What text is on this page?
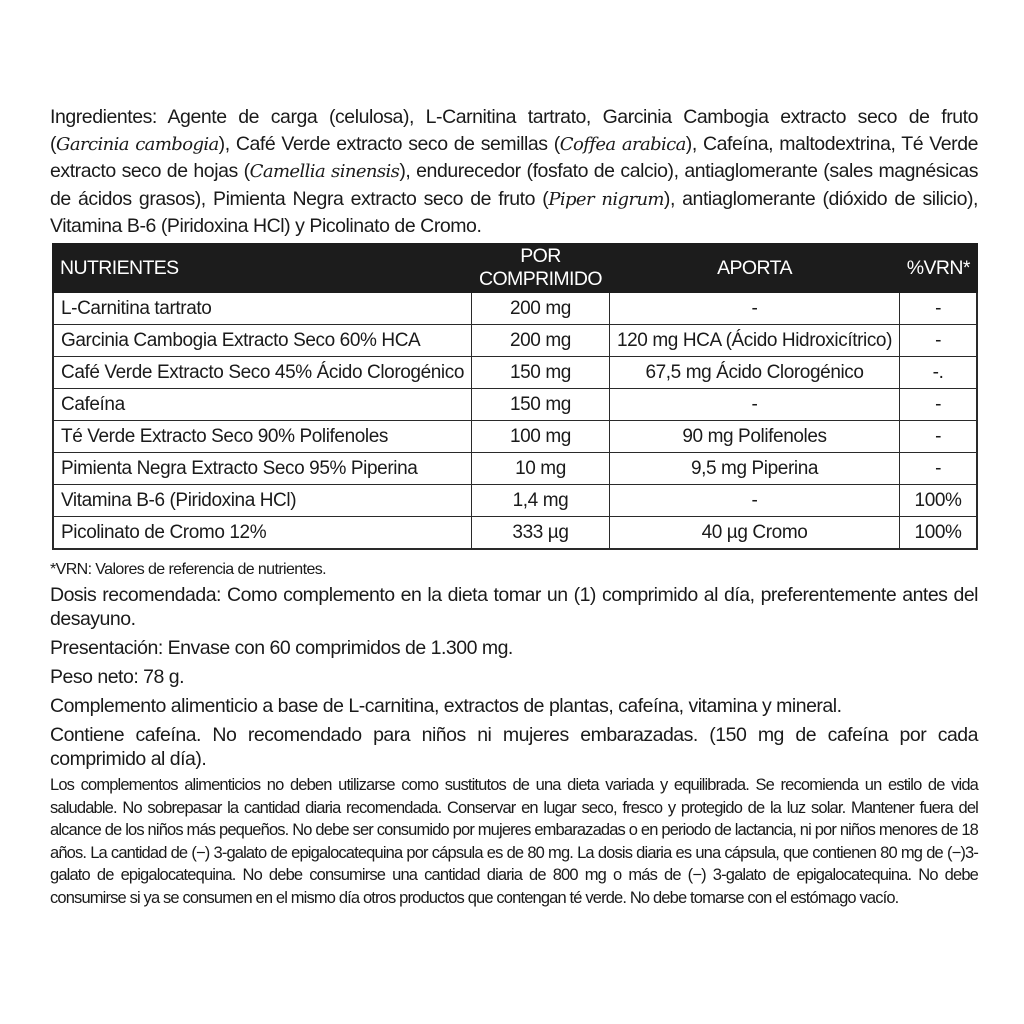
Ingredientes: Agente de carga (celulosa), L-Carnitina tartrato, Garcinia Cambogia extracto seco de fruto (Garcinia cambogia), Café Verde extracto seco de semillas (Coffea arabica), Cafeína, maltodextrina, Té Verde extracto seco de hojas (Camellia sinensis), endurecedor (fosfato de calcio), antiaglomerante (sales magnésicas de ácidos grasos), Pimienta Negra extracto seco de fruto (Piper nigrum), antiaglomerante (dióxido de silicio), Vitamina B-6 (Piridoxina HCl) y Picolinato de Cromo.

NUTRIENTES	POR COMPRIMIDO	APORTA	%VRN*
L-Carnitina tartrato	200 mg	-	-
Garcinia Cambogia Extracto Seco 60% HCA	200 mg	120 mg HCA (Ácido Hidroxicítrico)	-
Café Verde Extracto Seco 45% Ácido Clorogénico	150 mg	67,5 mg Ácido Clorogénico	-.
Cafeína	150 mg	-	-
Té Verde Extracto Seco 90% Polifenoles	100 mg	90 mg Polifenoles	-
Pimienta Negra Extracto Seco 95% Piperina	10 mg	9,5 mg Piperina	-
Vitamina B-6 (Piridoxina HCl)	1,4 mg	-	100%
Picolinato de Cromo 12%	333 µg	40 µg Cromo	100%

*VRN: Valores de referencia de nutrientes.

Dosis recomendada: Como complemento en la dieta tomar un (1) comprimido al día, preferentemente antes del desayuno.

Presentación: Envase con 60 comprimidos de 1.300 mg.

Peso neto: 78 g.

Complemento alimenticio a base de L-carnitina, extractos de plantas, cafeína, vitamina y mineral.

Contiene cafeína. No recomendado para niños ni mujeres embarazadas. (150 mg de cafeína por cada comprimido al día).

Los complementos alimenticios no deben utilizarse como sustitutos de una dieta variada y equilibrada. Se recomienda un estilo de vida saludable. No sobrepasar la cantidad diaria recomendada. Conservar en lugar seco, fresco y protegido de la luz solar. Mantener fuera del alcance de los niños más pequeños. No debe ser consumido por mujeres embarazadas o en periodo de lactancia, ni por niños menores de 18 años. La cantidad de (−) 3-galato de epigalocatequina por cápsula es de 80 mg. La dosis diaria es una cápsula, que contienen 80 mg de (−)3-galato de epigalocatequina. No debe consumirse una cantidad diaria de 800 mg o más de (−) 3-galato de epigalocatequina. No debe consumirse si ya se consumen en el mismo día otros productos que contengan té verde. No debe tomarse con el estómago vacío.
